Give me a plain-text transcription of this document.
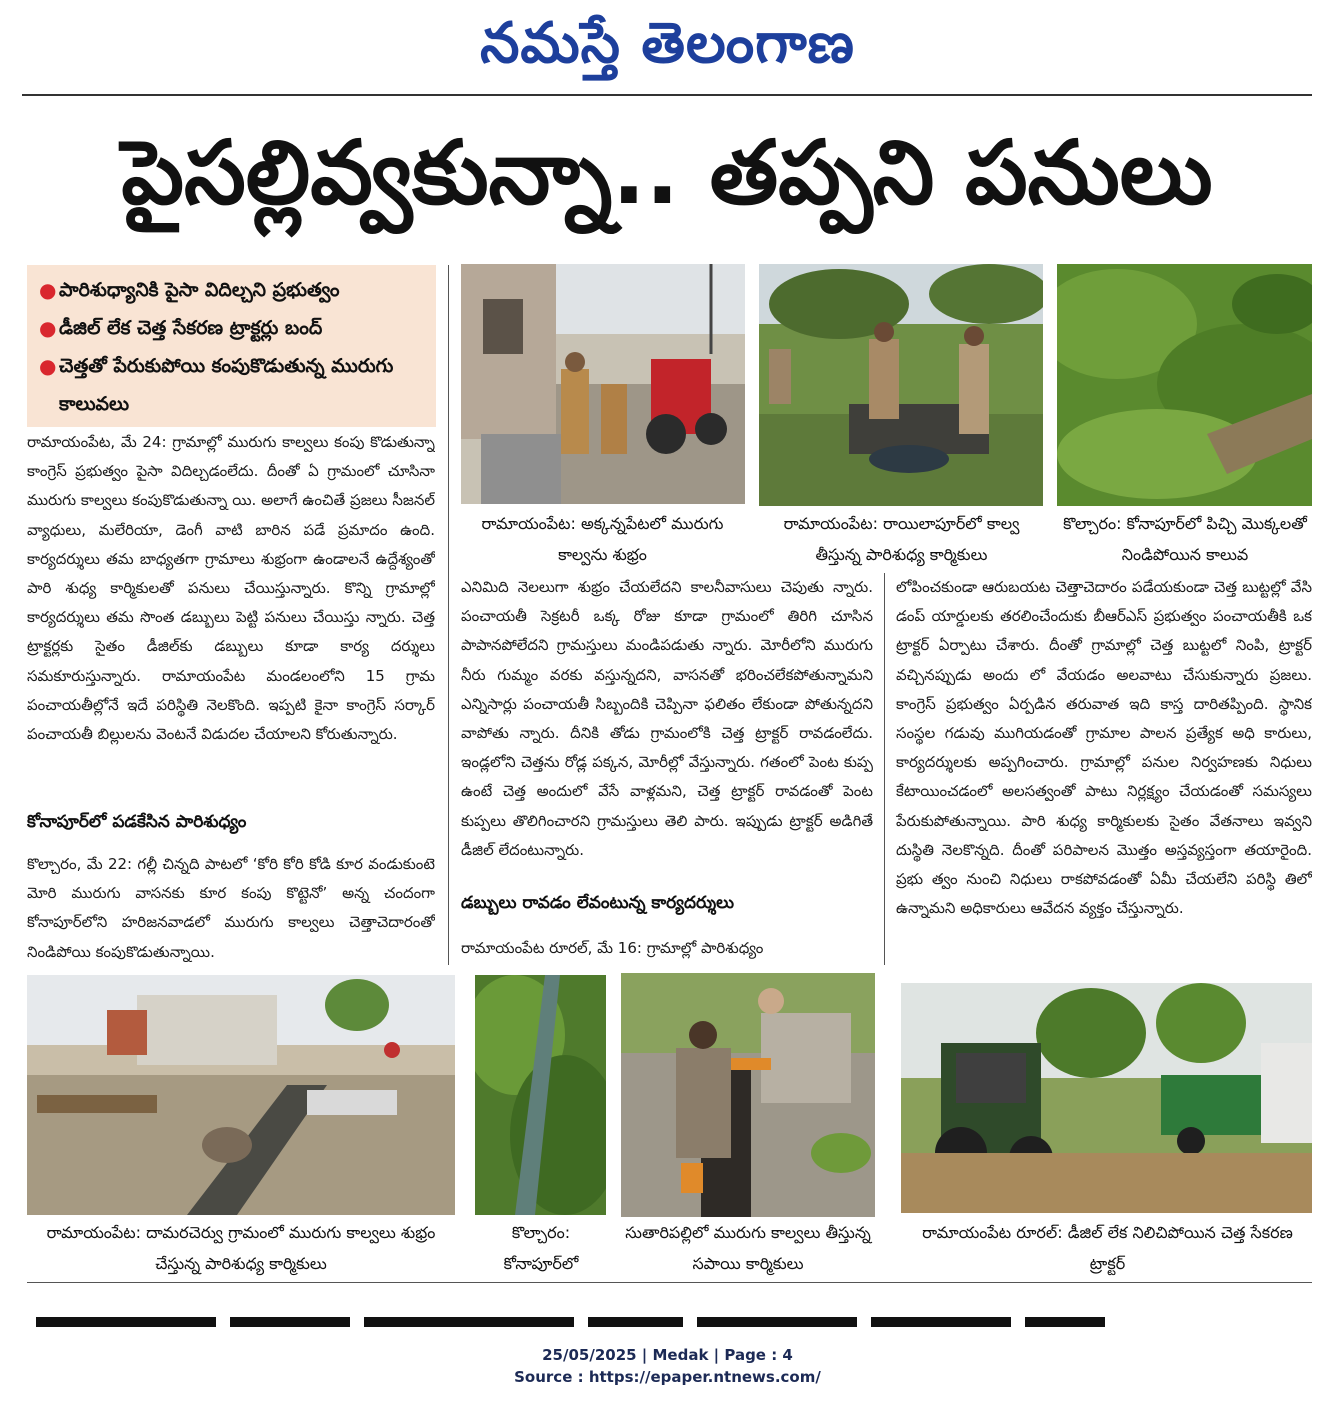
నమస్తే తెలంగాణ
పైసల్లివ్వకున్నా.. తప్పని పనులు
● పారిశుధ్యానికి పైసా విదిల్చని ప్రభుత్వం
● డీజిల్ లేక చెత్త సేకరణ ట్రాక్టర్లు బంద్
● చెత్తతో పేరుకుపోయి కంపుకొడుతున్న మురుగు కాలువలు
రామాయంపేట: అక్కన్నపేటలో మురుగు కాల్వను శుభ్రం
రామాయంపేట: రాయిలాపూర్‌లో కాల్వ తీస్తున్న పారిశుధ్య కార్మికులు
కొల్చారం: కోనాపూర్‌లో పిచ్చి మొక్కలతో నిండిపోయిన కాలువ

రామాయంపేట, మే 24: గ్రామాల్లో మురుగు కాల్వలు కంపు కొడుతున్నా కాంగ్రెస్ ప్రభుత్వం పైసా విదిల్చడంలేదు. దీంతో ఏ గ్రామంలో చూసినా మురుగు కాల్వలు కంపుకొడుతున్నా యి. అలాగే ఉంచితే ప్రజలు సీజనల్ వ్యాధులు, మలేరియా, డెంగీ వాటి బారిన పడే ప్రమాదం ఉంది. కార్యదర్శులు తమ బాధ్యతగా గ్రామాలు శుభ్రంగా ఉండాలనే ఉద్దేశ్యంతో పారి శుధ్య కార్మికులతో పనులు చేయిస్తున్నారు. కొన్ని గ్రామాల్లో కార్యదర్శులు తమ సొంత డబ్బులు పెట్టి పనులు చేయిస్తు న్నారు. చెత్త ట్రాక్టర్లకు సైతం డీజిల్‌కు డబ్బులు కూడా కార్య దర్శులు సమకూరుస్తున్నారు. రామాయంపేట మండలంలోని 15 గ్రామ పంచాయతీల్లోనే ఇదే పరిస్థితి నెలకొంది. ఇప్పటి కైనా కాంగ్రెస్ సర్కార్ పంచాయతీ బిల్లులను వెంటనే విడుదల చేయాలని కోరుతున్నారు.

కోనాపూర్‌లో పడకేసిన పారిశుధ్యం

కొల్చారం, మే 22: గల్లీ చిన్నది పాటలో ‘కోరి కోరి కోడి కూర వండుకుంటె మోరి మురుగు వాసనకు కూర కంపు కొట్టెనో’ అన్న చందంగా కోనాపూర్‌లోని హరిజనవాడలో మురుగు కాల్వలు చెత్తాచెదారంతో నిండిపోయి కంపుకొడుతున్నాయి.

ఎనిమిది నెలలుగా శుభ్రం చేయలేదని కాలనీవాసులు చెపుతు న్నారు. పంచాయతీ సెక్రటరీ ఒక్క రోజు కూడా గ్రామంలో తిరిగి చూసిన పాపానపోలేదని గ్రామస్తులు మండిపడుతు న్నారు. మోరీలోని మురుగు నీరు గుమ్మం వరకు వస్తున్నదని, వాసనతో భరించలేకపోతున్నామని ఎన్నిసార్లు పంచాయతీ సిబ్బందికి చెప్పినా ఫలితం లేకుండా పోతున్నదని వాపోతు న్నారు. దీనికి తోడు గ్రామంలోకి చెత్త ట్రాక్టర్ రావడంలేదు. ఇండ్లలోని చెత్తను రోడ్ల పక్కన, మోరీల్లో వేస్తున్నారు. గతంలో పెంట కుప్ప ఉంటే చెత్త అందులో వేసే వాళ్లమని, చెత్త ట్రాక్టర్ రావడంతో పెంట కుప్పలు తొలిగించారని గ్రామస్తులు తెలి పారు. ఇప్పుడు ట్రాక్టర్ అడిగితే డీజిల్ లేదంటున్నారు.

డబ్బులు రావడం లేవంటున్న కార్యదర్శులు

రామాయంపేట రూరల్, మే 16: గ్రామాల్లో పారిశుధ్యం

లోపించకుండా ఆరుబయట చెత్తాచెదారం పడేయకుండా చెత్త బుట్టల్లో వేసి డంప్ యార్డులకు తరలించేందుకు బీఆర్‌ఎస్ ప్రభుత్వం పంచాయతీకి ఒక ట్రాక్టర్ ఏర్పాటు చేశారు. దీంతో గ్రామాల్లో చెత్త బుట్టలో నింపి, ట్రాక్టర్ వచ్చినప్పుడు అందు లో వేయడం అలవాటు చేసుకున్నారు ప్రజలు. కాంగ్రెస్ ప్రభుత్వం ఏర్పడిన తరువాత ఇది కాస్త దారితప్పింది. స్థానిక సంస్థల గడువు ముగియడంతో గ్రామాల పాలన ప్రత్యేక అధి కారులు, కార్యదర్శులకు అప్పగించారు. గ్రామాల్లో పనుల నిర్వహణకు నిధులు కేటాయించడంలో అలసత్వంతో పాటు నిర్లక్ష్యం చేయడంతో సమస్యలు పేరుకుపోతున్నాయి. పారి శుధ్య కార్మికులకు సైతం వేతనాలు ఇవ్వని దుస్థితి నెలకొన్నది. దీంతో పరిపాలన మొత్తం అస్తవ్యస్తంగా తయారైంది. ప్రభు త్వం నుంచి నిధులు రాకపోవడంతో ఏమీ చేయలేని పరిస్థి తిలో ఉన్నామని అధికారులు ఆవేదన వ్యక్తం చేస్తున్నారు.

రామాయంపేట: దామరచెర్వు గ్రామంలో మురుగు కాల్వలు శుభ్రం చేస్తున్న పారిశుధ్య కార్మికులు
కొల్చారం: కోనాపూర్‌లో
సుతారిపల్లిలో మురుగు కాల్వలు తీస్తున్న సపాయి కార్మికులు
రామాయంపేట రూరల్: డీజిల్ లేక నిలిచిపోయిన చెత్త సేకరణ ట్రాక్టర్
25/05/2025 | Medak | Page : 4
Source : https://epaper.ntnews.com/
